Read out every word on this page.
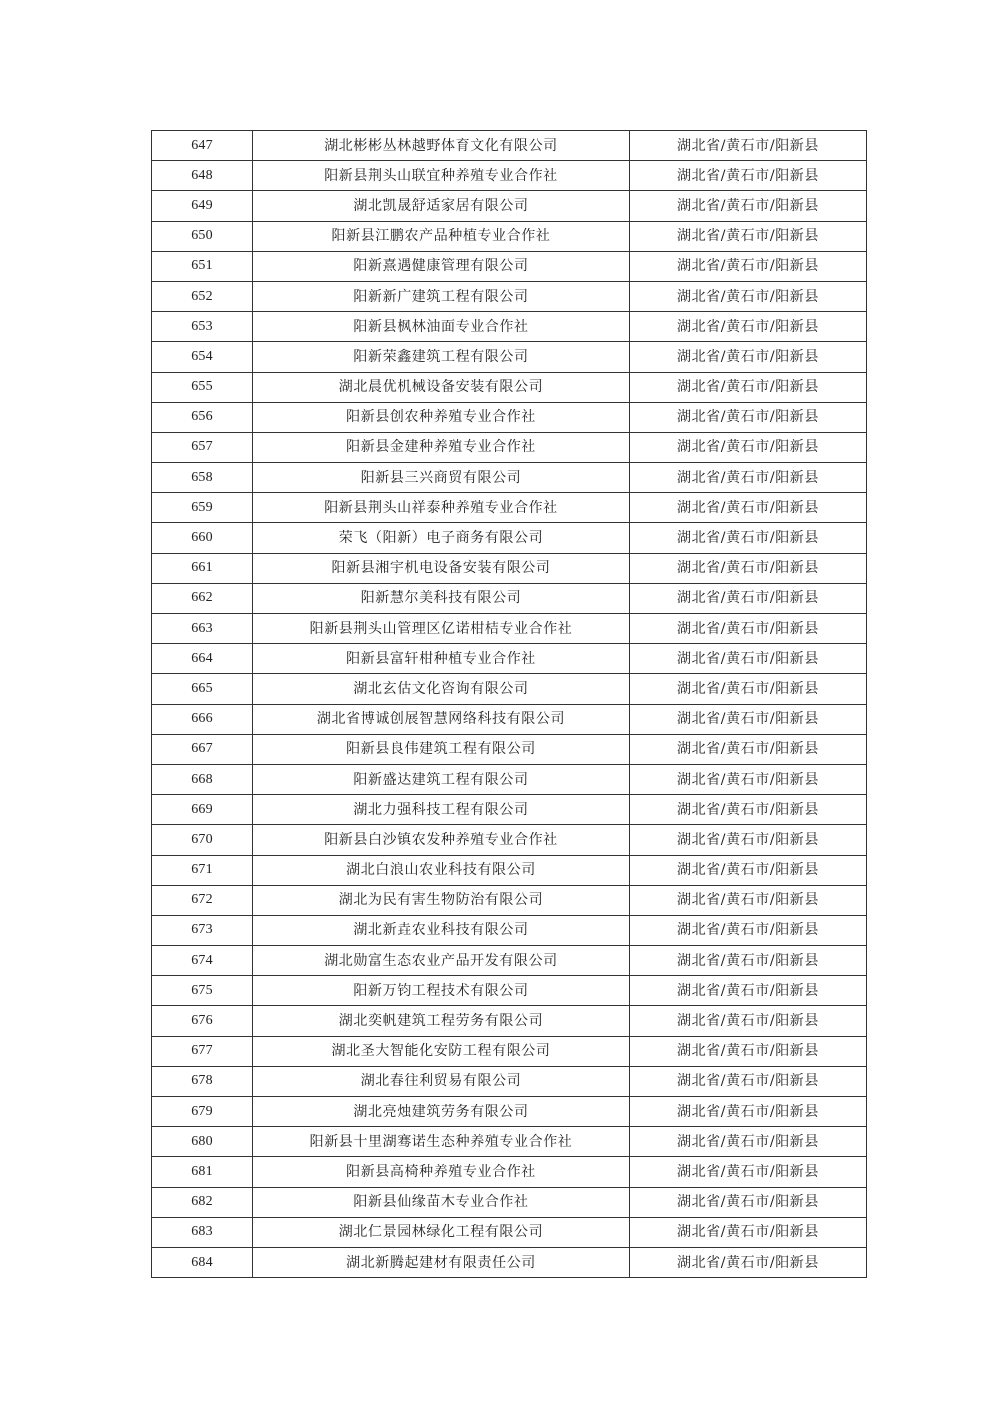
647	湖北彬彬丛林越野体育文化有限公司	湖北省/黄石市/阳新县
648	阳新县荆头山联宜种养殖专业合作社	湖北省/黄石市/阳新县
649	湖北凯晟舒适家居有限公司	湖北省/黄石市/阳新县
650	阳新县江鹏农产品种植专业合作社	湖北省/黄石市/阳新县
651	阳新熹遇健康管理有限公司	湖北省/黄石市/阳新县
652	阳新新广建筑工程有限公司	湖北省/黄石市/阳新县
653	阳新县枫林油面专业合作社	湖北省/黄石市/阳新县
654	阳新荣鑫建筑工程有限公司	湖北省/黄石市/阳新县
655	湖北晨优机械设备安装有限公司	湖北省/黄石市/阳新县
656	阳新县创农种养殖专业合作社	湖北省/黄石市/阳新县
657	阳新县金建种养殖专业合作社	湖北省/黄石市/阳新县
658	阳新县三兴商贸有限公司	湖北省/黄石市/阳新县
659	阳新县荆头山祥泰种养殖专业合作社	湖北省/黄石市/阳新县
660	荣飞（阳新）电子商务有限公司	湖北省/黄石市/阳新县
661	阳新县湘宇机电设备安装有限公司	湖北省/黄石市/阳新县
662	阳新慧尔美科技有限公司	湖北省/黄石市/阳新县
663	阳新县荆头山管理区亿诺柑桔专业合作社	湖北省/黄石市/阳新县
664	阳新县富轩柑种植专业合作社	湖北省/黄石市/阳新县
665	湖北玄估文化咨询有限公司	湖北省/黄石市/阳新县
666	湖北省博诚创展智慧网络科技有限公司	湖北省/黄石市/阳新县
667	阳新县良伟建筑工程有限公司	湖北省/黄石市/阳新县
668	阳新盛达建筑工程有限公司	湖北省/黄石市/阳新县
669	湖北力强科技工程有限公司	湖北省/黄石市/阳新县
670	阳新县白沙镇农发种养殖专业合作社	湖北省/黄石市/阳新县
671	湖北白浪山农业科技有限公司	湖北省/黄石市/阳新县
672	湖北为民有害生物防治有限公司	湖北省/黄石市/阳新县
673	湖北新垚农业科技有限公司	湖北省/黄石市/阳新县
674	湖北勋富生态农业产品开发有限公司	湖北省/黄石市/阳新县
675	阳新万钧工程技术有限公司	湖北省/黄石市/阳新县
676	湖北奕帆建筑工程劳务有限公司	湖北省/黄石市/阳新县
677	湖北圣大智能化安防工程有限公司	湖北省/黄石市/阳新县
678	湖北春往利贸易有限公司	湖北省/黄石市/阳新县
679	湖北亮烛建筑劳务有限公司	湖北省/黄石市/阳新县
680	阳新县十里湖骞诺生态种养殖专业合作社	湖北省/黄石市/阳新县
681	阳新县高椅种养殖专业合作社	湖北省/黄石市/阳新县
682	阳新县仙缘苗木专业合作社	湖北省/黄石市/阳新县
683	湖北仁景园林绿化工程有限公司	湖北省/黄石市/阳新县
684	湖北新腾起建材有限责任公司	湖北省/黄石市/阳新县
